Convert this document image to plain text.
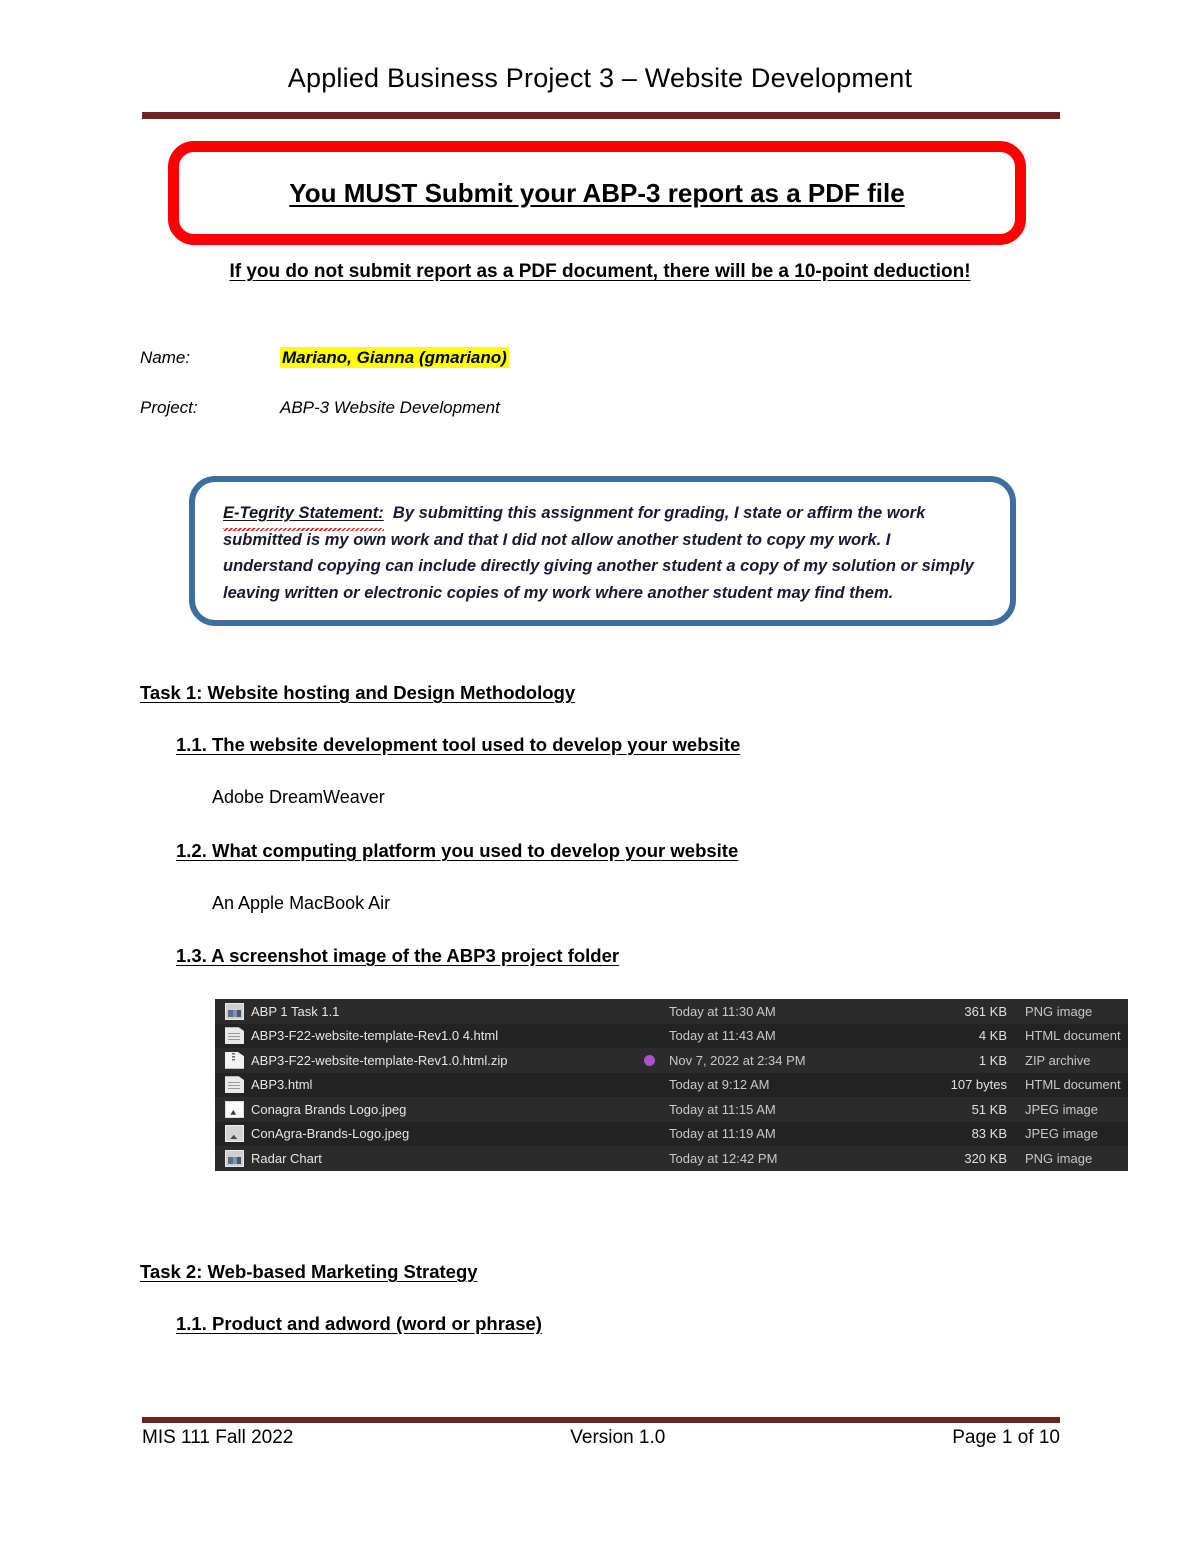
Applied Business Project 3 – Website Development
You MUST Submit your ABP-3 report as a PDF file
If you do not submit report as a PDF document, there will be a 10-point deduction!
Name:	Mariano, Gianna (gmariano)
Project:	ABP-3 Website Development
E-Tegrity Statement: By submitting this assignment for grading, I state or affirm the work submitted is my own work and that I did not allow another student to copy my work. I understand copying can include directly giving another student a copy of my solution or simply leaving written or electronic copies of my work where another student may find them.
Task 1: Website hosting and Design Methodology
1.1. The website development tool used to develop your website
Adobe DreamWeaver
1.2. What computing platform you used to develop your website
An Apple MacBook Air
1.3. A screenshot image of the ABP3 project folder
ABP 1 Task 1.1	Today at 11:30 AM	361 KB	PNG image
ABP3-F22-website-template-Rev1.0 4.html	Today at 11:43 AM	4 KB	HTML document
ABP3-F22-website-template-Rev1.0.html.zip	Nov 7, 2022 at 2:34 PM	1 KB	ZIP archive
ABP3.html	Today at 9:12 AM	107 bytes	HTML document
Conagra Brands Logo.jpeg	Today at 11:15 AM	51 KB	JPEG image
ConAgra-Brands-Logo.jpeg	Today at 11:19 AM	83 KB	JPEG image
Radar Chart	Today at 12:42 PM	320 KB	PNG image
Task 2: Web-based Marketing Strategy
1.1. Product and adword (word or phrase)
MIS 111 Fall 2022	Version 1.0	Page 1 of 10
